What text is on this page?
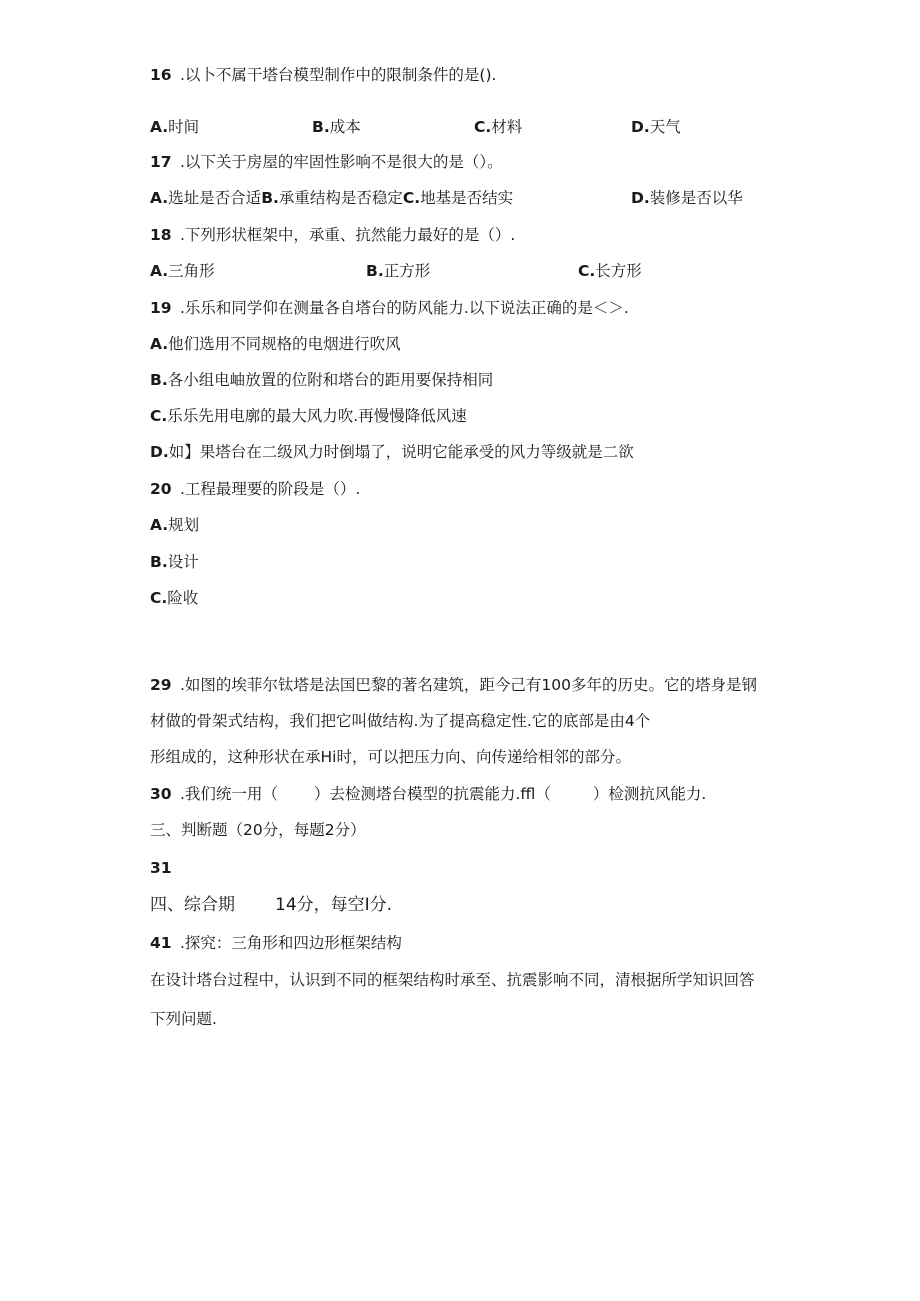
16 .以卜不属干塔台模型制作中的限制条件的是().
A.时间	B.成本	C.材料	D.天气
17 .以下关于房屋的牢固性影响不是很大的是（）。
A.选址是否合适B.承重结构是否稳定C.地基是否结实	D.装修是否以华
18 .下列形状框架中，承重、抗然能力最好的是（）.
A.三角形	B.正方形	C.长方形
19 .乐乐和同学仰在测量各自塔台的防风能力.以下说法正确的是＜＞.
A.他们选用不同规格的电烟进行吹风
B.各小组电岫放置的位附和塔台的距用要保持相同
C.乐乐先用电廓的最大风力吹.再慢慢降低风速
D.如】果塔台在二级风力时倒塌了，说明它能承受的风力等级就是二欲
20 .工程最理要的阶段是（）.
A.规划
B.设计
C.险收
29 .如图的埃菲尔钛塔是法国巴黎的著名建筑，距今己有100多年的历史。它的塔身是钢
材做的骨架式结构，我们把它叫做结构.为了提高稳定性.它的底部是由4个
形组成的，这种形状在承Hi时，可以把压力向、向传递给相邻的部分。
30 .我们统一用（ ）去检测塔台模型的抗震能力.ffl（	）检测抗风能力.
三、判断题（20分，每题2分）
31
四、综合期 14分，每空I分.
41 .探究：三角形和四边形框架结构
在设计塔台过程中，认识到不同的框架结构时承至、抗震影响不同，清根据所学知识回答
下列问题.
